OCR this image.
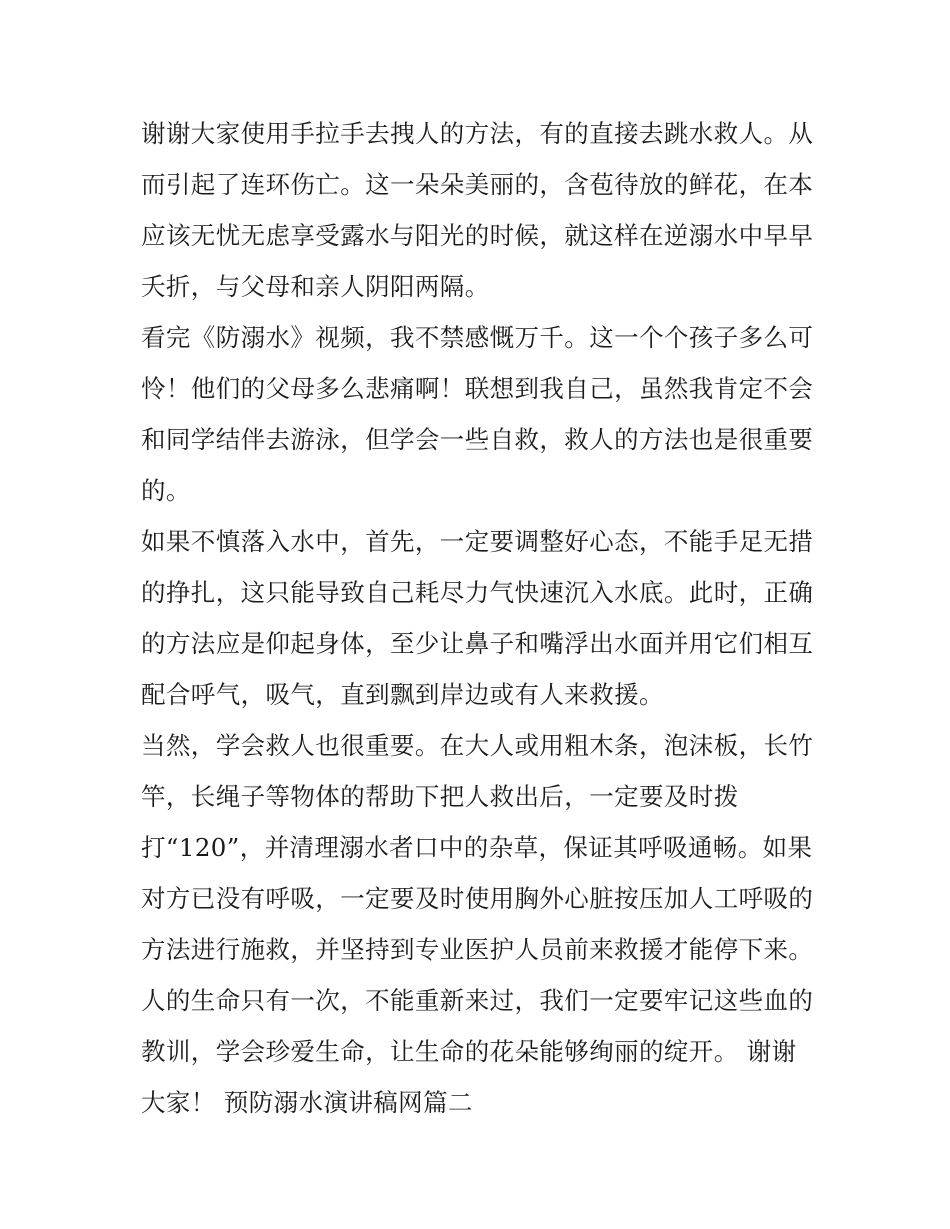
谢谢大家使用手拉手去拽人的方法，有的直接去跳水救人。从
而引起了连环伤亡。这一朵朵美丽的，含苞待放的鲜花，在本
应该无忧无虑享受露水与阳光的时候，就这样在逆溺水中早早
夭折，与父母和亲人阴阳两隔。
看完《防溺水》视频，我不禁感慨万千。这一个个孩子多么可
怜！他们的父母多么悲痛啊！联想到我自己，虽然我肯定不会
和同学结伴去游泳，但学会一些自救，救人的方法也是很重要
的。
如果不慎落入水中，首先，一定要调整好心态，不能手足无措
的挣扎，这只能导致自己耗尽力气快速沉入水底。此时，正确
的方法应是仰起身体，至少让鼻子和嘴浮出水面并用它们相互
配合呼气，吸气，直到飘到岸边或有人来救援。
当然，学会救人也很重要。在大人或用粗木条，泡沫板，长竹
竿，长绳子等物体的帮助下把人救出后，一定要及时拨
打“120”，并清理溺水者口中的杂草，保证其呼吸通畅。如果
对方已没有呼吸，一定要及时使用胸外心脏按压加人工呼吸的
方法进行施救，并坚持到专业医护人员前来救援才能停下来。
人的生命只有一次，不能重新来过，我们一定要牢记这些血的
教训，学会珍爱生命，让生命的花朵能够绚丽的绽开。 谢谢
大家！ 预防溺水演讲稿网篇二
